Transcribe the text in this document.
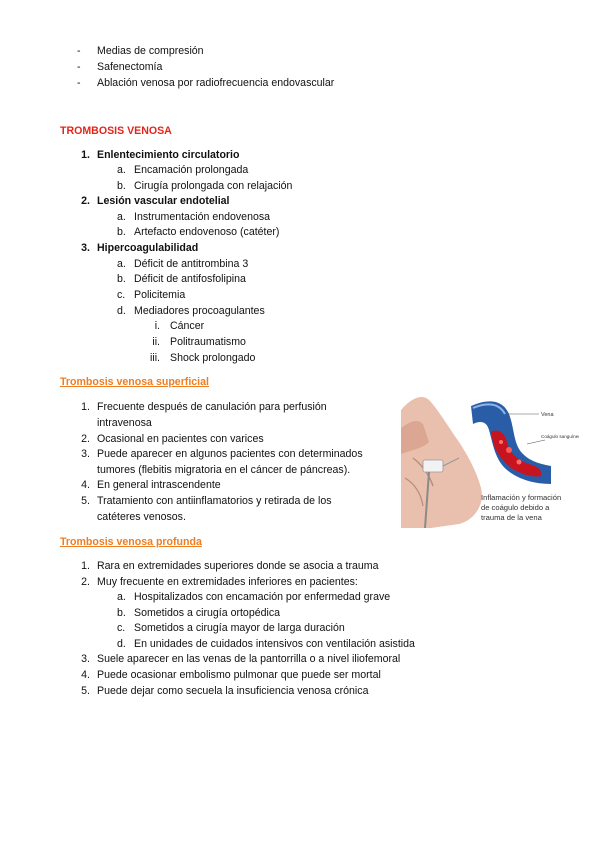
- Medias de compresión
- Safenectomía
- Ablación venosa por radiofrecuencia endovascular
TROMBOSIS VENOSA
1. Enlentecimiento circulatorio
a. Encamación prolongada
b. Cirugía prolongada con relajación
2. Lesión vascular endotelial
a. Instrumentación endovenosa
b. Artefacto endovenoso (catéter)
3. Hipercoagulabilidad
a. Déficit de antitrombina 3
b. Déficit de antifosfolipina
c. Policitemia
d. Mediadores procoagulantes
i. Cáncer
ii. Politraumatismo
iii. Shock prolongado
Trombosis venosa superficial
1. Frecuente después de canulación para perfusión
intravenosa
2. Ocasional en pacientes con varices
3. Puede aparecer en algunos pacientes con determinados
tumores (flebitis migratoria en el cáncer de páncreas).
4. En general intrascendente
5. Tratamiento con antiinflamatorios y retirada de los
catéteres venosos.
Vena
Coágulo sanguíneo
Inflamación y formación
de coágulo debido a
trauma de la vena
Trombosis venosa profunda
1. Rara en extremidades superiores donde se asocia a trauma
2. Muy frecuente en extremidades inferiores en pacientes:
a. Hospitalizados con encamación por enfermedad grave
b. Sometidos a cirugía ortopédica
c. Sometidos a cirugía mayor de larga duración
d. En unidades de cuidados intensivos con ventilación asistida
3. Suele aparecer en las venas de la pantorrilla o a nivel iliofemoral
4. Puede ocasionar embolismo pulmonar que puede ser mortal
5. Puede dejar como secuela la insuficiencia venosa crónica
